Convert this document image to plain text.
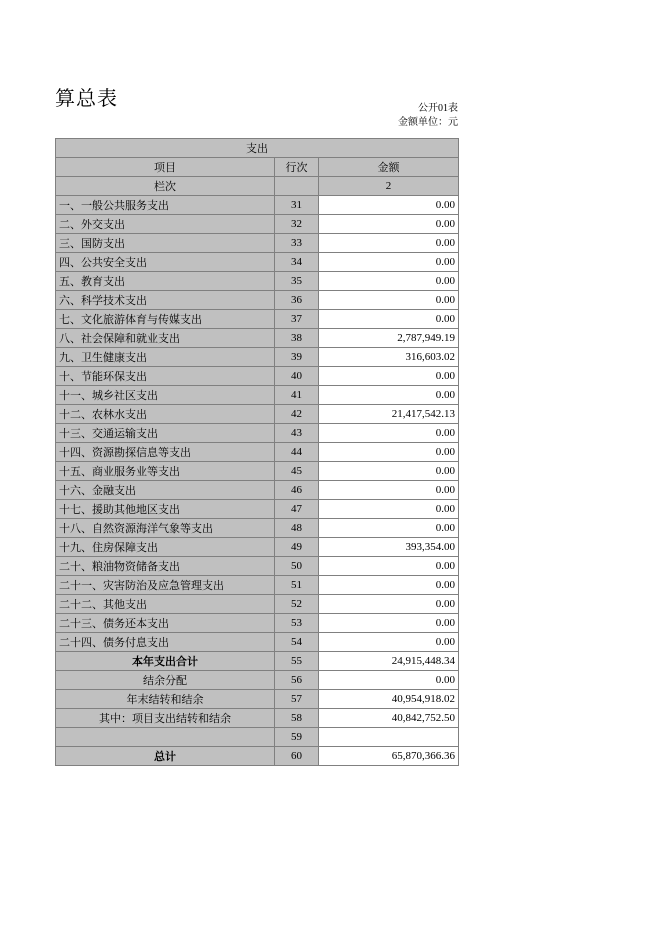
算总表	公开01表
金额单位：元
支出		
项目	行次	金额
栏次		2
一、一般公共服务支出	31	0.00
二、外交支出	32	0.00
三、国防支出	33	0.00
四、公共安全支出	34	0.00
五、教育支出	35	0.00
六、科学技术支出	36	0.00
七、文化旅游体育与传媒支出	37	0.00
八、社会保障和就业支出	38	2,787,949.19
九、卫生健康支出	39	316,603.02
十、节能环保支出	40	0.00
十一、城乡社区支出	41	0.00
十二、农林水支出	42	21,417,542.13
十三、交通运输支出	43	0.00
十四、资源勘探信息等支出	44	0.00
十五、商业服务业等支出	45	0.00
十六、金融支出	46	0.00
十七、援助其他地区支出	47	0.00
十八、自然资源海洋气象等支出	48	0.00
十九、住房保障支出	49	393,354.00
二十、粮油物资储备支出	50	0.00
二十一、灾害防治及应急管理支出	51	0.00
二十二、其他支出	52	0.00
二十三、债务还本支出	53	0.00
二十四、债务付息支出	54	0.00
本年支出合计	55	24,915,448.34
结余分配	56	0.00
年末结转和结余	57	40,954,918.02
其中：项目支出结转和结余	58	40,842,752.50
	59	
总计	60	65,870,366.36
